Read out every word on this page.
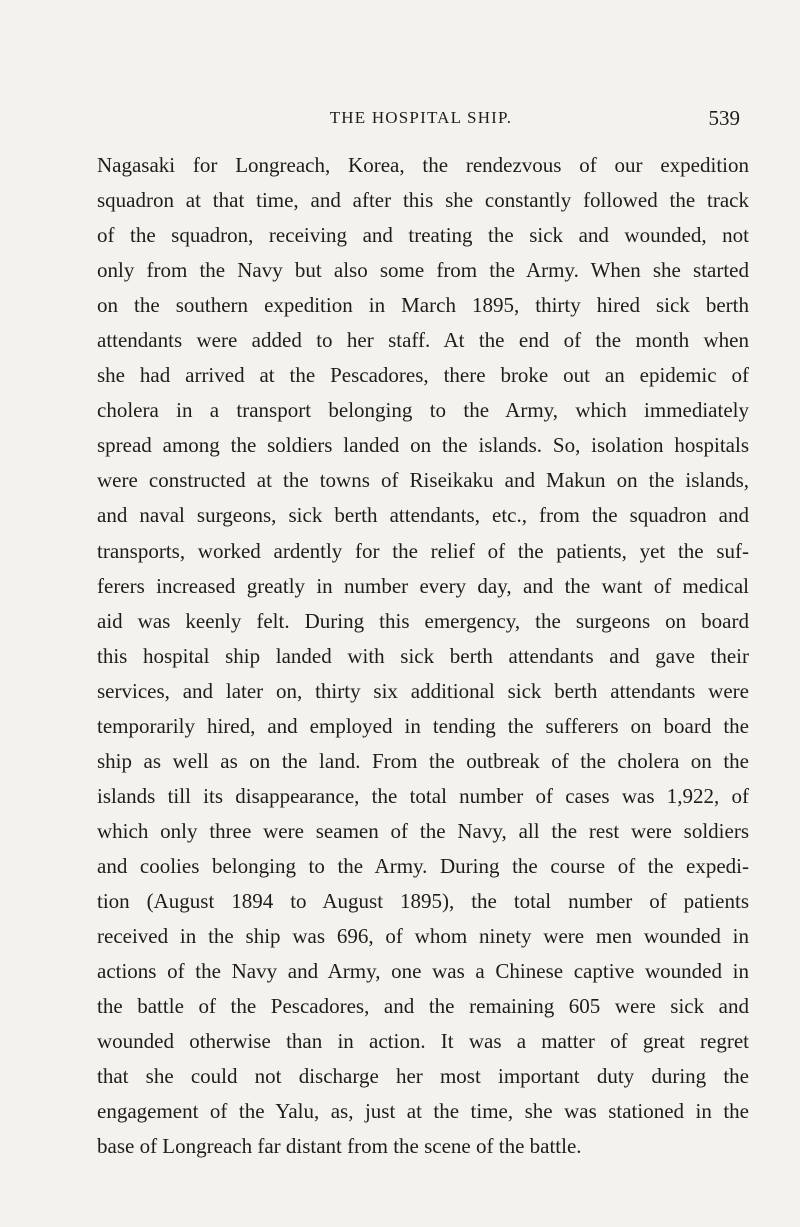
THE HOSPITAL SHIP.	539
Nagasaki for Longreach, Korea, the rendezvous of our expedition
squadron at that time, and after this she constantly followed the track
of the squadron, receiving and treating the sick and wounded, not
only from the Navy but also some from the Army. When she started
on the southern expedition in March 1895, thirty hired sick berth
attendants were added to her staff. At the end of the month when
she had arrived at the Pescadores, there broke out an epidemic of
cholera in a transport belonging to the Army, which immediately
spread among the soldiers landed on the islands. So, isolation hospitals
were constructed at the towns of Riseikaku and Makun on the islands,
and naval surgeons, sick berth attendants, etc., from the squadron and
transports, worked ardently for the relief of the patients, yet the suf-
ferers increased greatly in number every day, and the want of medical
aid was keenly felt. During this emergency, the surgeons on board
this hospital ship landed with sick berth attendants and gave their
services, and later on, thirty six additional sick berth attendants were
temporarily hired, and employed in tending the sufferers on board the
ship as well as on the land. From the outbreak of the cholera on the
islands till its disappearance, the total number of cases was 1,922, of
which only three were seamen of the Navy, all the rest were soldiers
and coolies belonging to the Army. During the course of the expedi-
tion (August 1894 to August 1895), the total number of patients
received in the ship was 696, of whom ninety were men wounded in
actions of the Navy and Army, one was a Chinese captive wounded in
the battle of the Pescadores, and the remaining 605 were sick and
wounded otherwise than in action. It was a matter of great regret
that she could not discharge her most important duty during the
engagement of the Yalu, as, just at the time, she was stationed in the
base of Longreach far distant from the scene of the battle.
